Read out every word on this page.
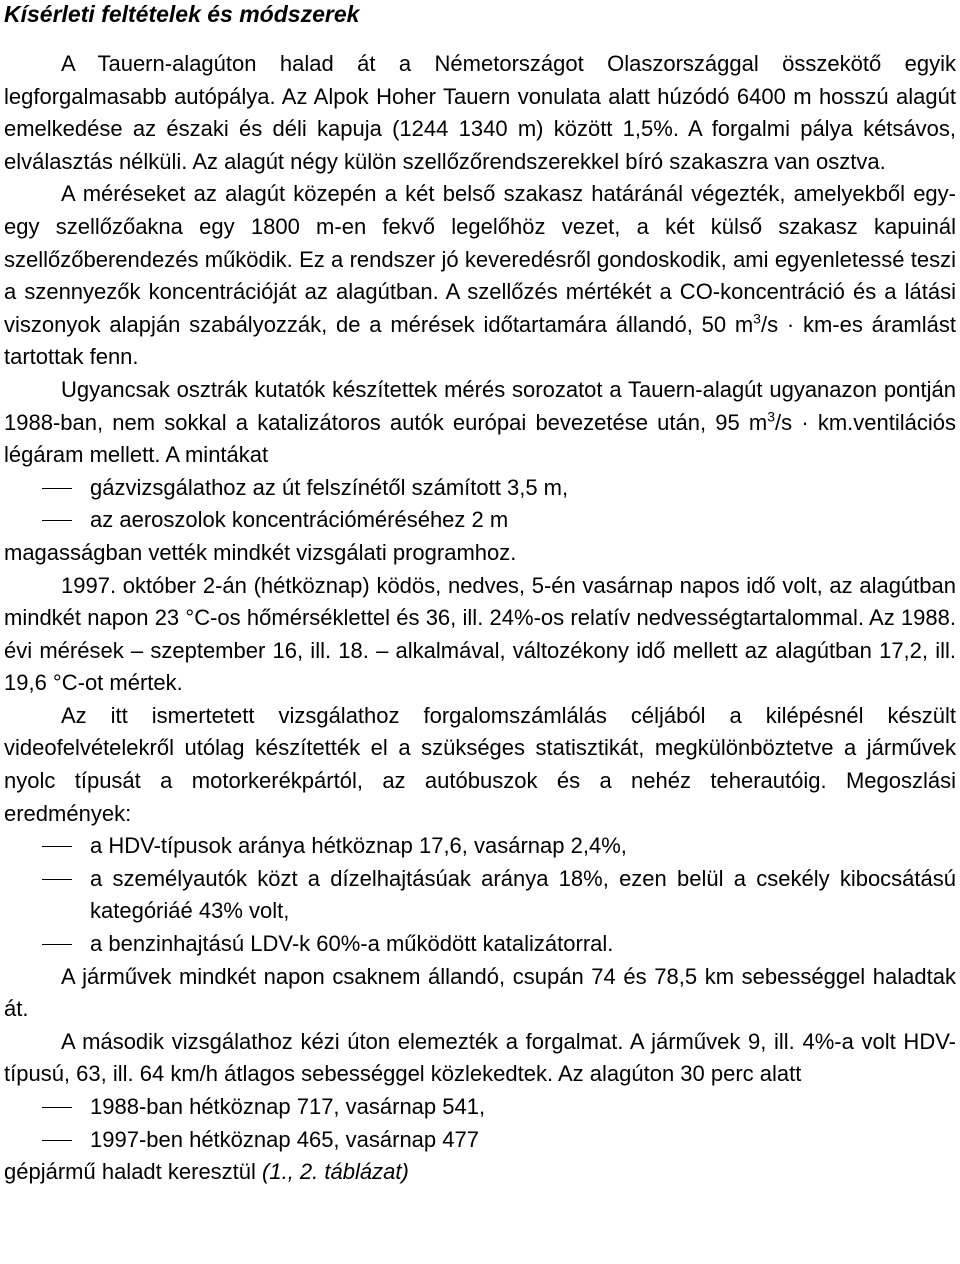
Kísérleti feltételek és módszerek

A Tauern-alagúton halad át a Németországot Olaszországgal összekötő egyik legforgalmasabb autópálya. Az Alpok Hoher Tauern vonulata alatt húzódó 6400 m hosszú alagút emelkedése az északi és déli kapuja (1244 1340 m) között 1,5%. A forgalmi pálya kétsávos, elválasztás nélküli. Az alagút négy külön szellőzőrendszerekkel bíró szakaszra van osztva.

A méréseket az alagút közepén a két belső szakasz határánál végezték, amelyekből egy-egy szellőzőakna egy 1800 m-en fekvő legelőhöz vezet, a két külső szakasz kapuinál szellőzőberendezés működik. Ez a rendszer jó keveredésről gondoskodik, ami egyenletessé teszi a szennyezők koncentrációját az alagútban. A szellőzés mértékét a CO-koncentráció és a látási viszonyok alapján szabályozzák, de a mérések időtartamára állandó, 50 $m^3/s \cdot km-es$ áramlást tartottak fenn.

Ugyancsak osztrák kutatók készítettek mérés sorozatot a Tauern-alagút ugyanazon pontján 1988-ban, nem sokkal a katalizátoros autók európai bevezetése után, 95 $m^3/s$ · km.ventilációs légáram mellett. A mintákat

gázvizsgálathoz az út felszínétől számított 3,5 m,
az aeroszolok koncentrációméréséhez 2 m

magasságban vették mindkét vizsgálati programhoz.

1997. október 2-án (hétköznap) ködös, nedves, 5-én vasárnap napos idő volt, az alagútban mindkét napon 23 °C-os hőmérséklettel és 36, ill. 24%-os relatív nedvességtartalommal. Az 1988. évi mérések – szeptember 16, ill. 18. – alkalmával, változékony idő mellett az alagútban 17,2, ill. 19,6 °C-ot mértek.

Az itt ismertetett vizsgálathoz forgalomszámlálás céljából a kilépésnél készült videofelvételekről utólag készítették el a szükséges statisztikát, megkülönböztetve a járművek nyolc típusát a motorkerékpártól, az autóbuszok és a nehéz teherautóig. Megoszlási eredmények:

a HDV-típusok aránya hétköznap 17,6, vasárnap 2,4%,
a személyautók közt a dízelhajtásúak aránya 18%, ezen belül a csekély kibocsátású kategóriáé 43% volt,
a benzinhajtású LDV-k 60%-a működött katalizátorral.

A járművek mindkét napon csaknem állandó, csupán 74 és 78,5 km sebességgel haladtak át.

A második vizsgálathoz kézi úton elemezték a forgalmat. A járművek 9, ill. 4%-a volt HDV-típusú, 63, ill. 64 km/h átlagos sebességgel közlekedtek. Az alagúton 30 perc alatt

1988-ban hétköznap 717, vasárnap 541,
1997-ben hétköznap 465, vasárnap 477

gépjármű haladt keresztül (1., 2. táblázat)
